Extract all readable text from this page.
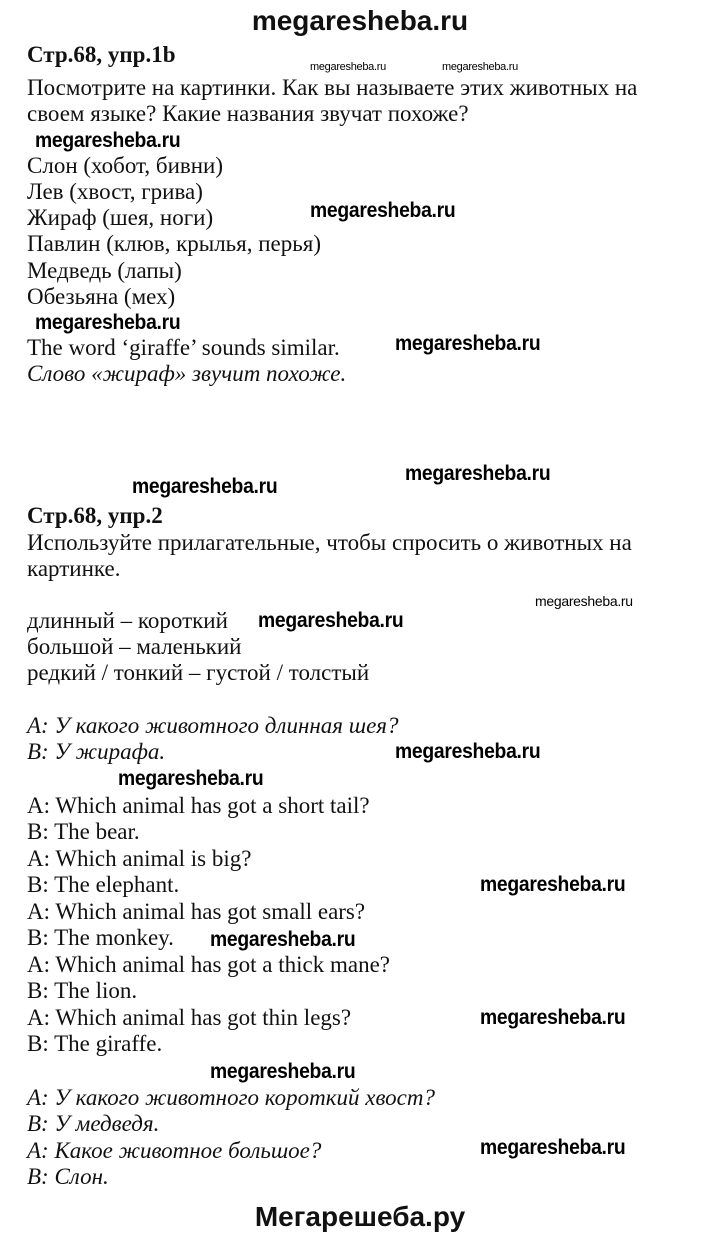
megaresheba.ru
Стр.68, упр.1b	megaresheba.ru	megaresheba.ru
Посмотрите на картинки. Как вы называете этих животных на
своем языке? Какие названия звучат похоже?
megaresheba.ru
Слон (хобот, бивни)
Лев (хвост, грива)
Жираф (шея, ноги)	megaresheba.ru
Павлин (клюв, крылья, перья)
Медведь (лапы)
Обезьяна (мех)
megaresheba.ru
The word ‘giraffe’ sounds similar.	megaresheba.ru
Слово «жираф» звучит похоже.
megaresheba.ru
megaresheba.ru
Стр.68, упр.2
Используйте прилагательные, чтобы спросить о животных на
картинке.
megaresheba.ru
длинный – короткий megaresheba.ru
большой – маленький
редкий / тонкий – густой / толстый
A: У какого животного длинная шея?
B: У жирафа.	megaresheba.ru
megaresheba.ru
A: Which animal has got a short tail?
B: The bear.
A: Which animal is big?
B: The elephant.	megaresheba.ru
A: Which animal has got small ears?
B: The monkey. megaresheba.ru
A: Which animal has got a thick mane?
B: The lion.
A: Which animal has got thin legs?	megaresheba.ru
B: The giraffe.
megaresheba.ru
A: У какого животного короткий хвост?
B: У медведя.
A: Какое животное большое?	megaresheba.ru
B: Слон.
Мегарешеба.ру
